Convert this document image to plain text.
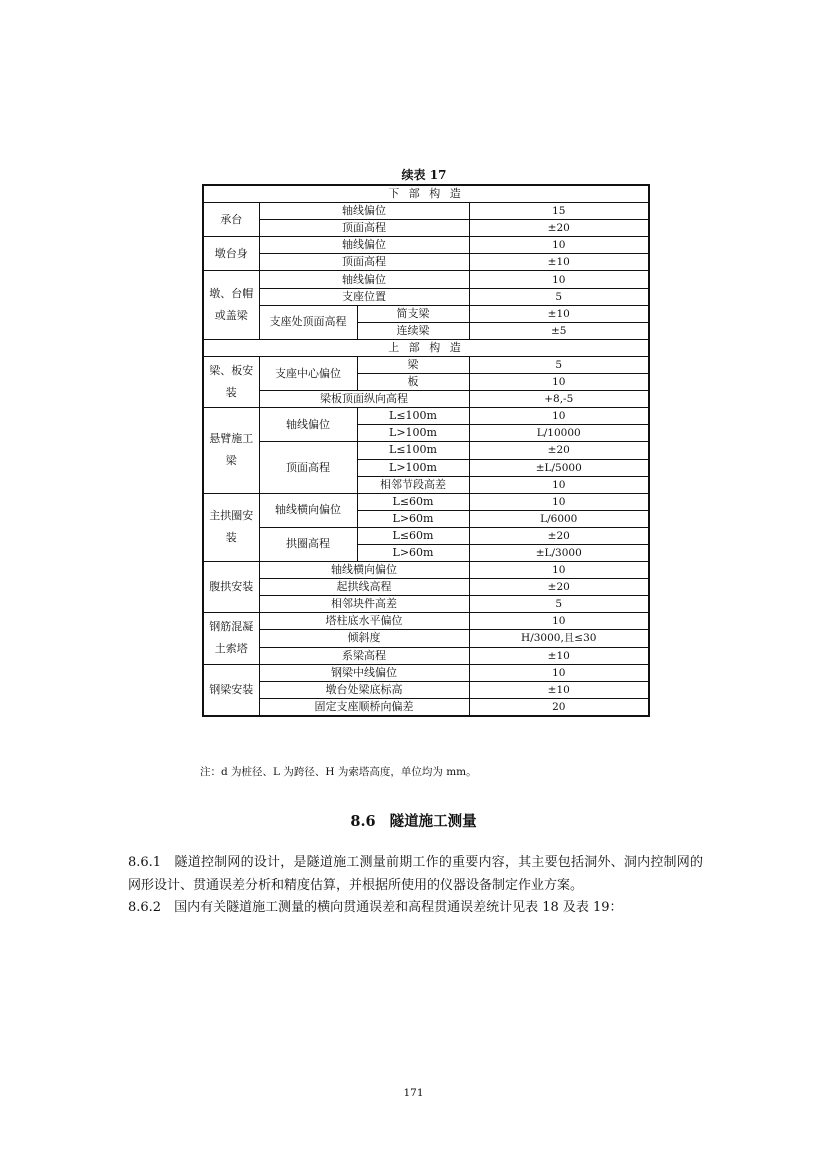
续表 17
下 部 构 造			
承台	轴线偏位		15
	顶面高程		±20
墩台身	轴线偏位		10
	顶面高程		±10
墩、台帽或盖梁	轴线偏位		10
	支座位置		5
	支座处顶面高程	简支梁	±10
		连续梁	±5
上 部 构 造			
梁、板安装	支座中心偏位	梁	5
		板	10
	梁板顶面纵向高程		+8,-5
悬臂施工梁	轴线偏位	L≤100m	10
		L>100m	L/10000
	顶面高程	L≤100m	±20
		L>100m	±L/5000
		相邻节段高差	10
主拱圈安装	轴线横向偏位	L≤60m	10
		L>60m	L/6000
	拱圈高程	L≤60m	±20
		L>60m	±L/3000
腹拱安装	轴线横向偏位		10
	起拱线高程		±20
	相邻块件高差		5
钢筋混凝土索塔	塔柱底水平偏位		10
	倾斜度		H/3000,且≤30
	系梁高程		±10
钢梁安装	钢梁中线偏位		10
	墩台处梁底标高		±10
	固定支座顺桥向偏差		20
注：d 为桩径、L 为跨径、H 为索塔高度，单位均为 mm。
8.6 隧道施工测量

8.6.1　隧道控制网的设计，是隧道施工测量前期工作的重要内容，其主要包括洞外、洞内控制网的网形设计、贯通误差分析和精度估算，并根据所使用的仪器设备制定作业方案。

8.6.2　国内有关隧道施工测量的横向贯通误差和高程贯通误差统计见表 18 及表 19：

171
